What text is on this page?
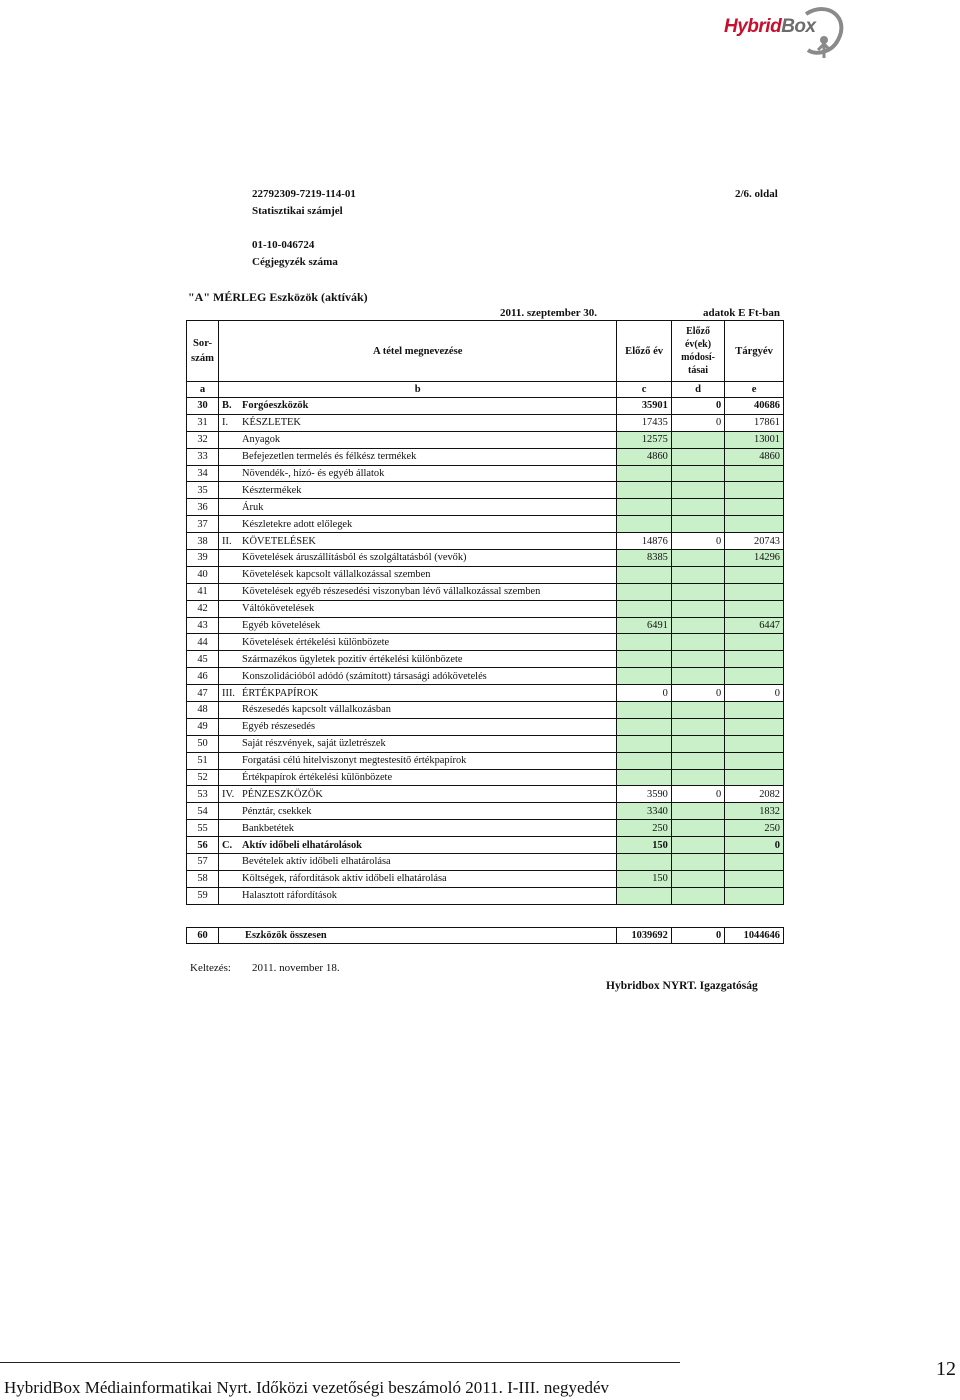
HybridBox
22792309-7219-114-01
Statisztikai számjel
01-10-046724
Cégjegyzék száma
2/6. oldal
"A" MÉRLEG Eszközök (aktívák)
2011. szeptember 30.	adatok E Ft-ban
Sor-szám	A tétel megnevezése	Előző év	Előző év(ek) módosí-tásai	Tárgyév
a	b	c	d	e
30	B. Forgóeszközök	35901	0	40686
31	I. KÉSZLETEK	17435	0	17861
32	Anyagok	12575		13001
33	Befejezetlen termelés és félkész termékek	4860		4860
34	Növendék-, hízó- és egyéb állatok			
35	Késztermékek			
36	Áruk			
37	Készletekre adott előlegek			
38	II. KÖVETELÉSEK	14876	0	20743
39	Követelések áruszállításból és szolgáltatásból (vevők)	8385		14296
40	Követelések kapcsolt vállalkozással szemben			
41	Követelések egyéb részesedési viszonyban lévő vállalkozással szemben			
42	Váltókövetelések			
43	Egyéb követelések	6491		6447
44	Követelések értékelési különbözete			
45	Származékos ügyletek pozitív értékelési különbözete			
46	Konszolidációból adódó (számított) társasági adókövetelés			
47	III. ÉRTÉKPAPÍROK	0	0	0
48	Részesedés kapcsolt vállalkozásban			
49	Egyéb részesedés			
50	Saját részvények, saját üzletrészek			
51	Forgatási célú hitelviszonyt megtestesítő értékpapírok			
52	Értékpapírok értékelési különbözete			
53	IV. PÉNZESZKÖZÖK	3590	0	2082
54	Pénztár, csekkek	3340		1832
55	Bankbetétek	250		250
56	C. Aktív időbeli elhatárolások	150		0
57	Bevételek aktív időbeli elhatárolása			
58	Költségek, ráfordítások aktív időbeli elhatárolása	150		
59	Halasztott ráfordítások			
60	Eszközök összesen	1039692	0	1044646
Keltezés: 2011. november 18.
Hybridbox NYRT. Igazgatóság
HybridBox Médiainformatikai Nyrt. Időközi vezetőségi beszámoló 2011. I-III. negyedév
12
